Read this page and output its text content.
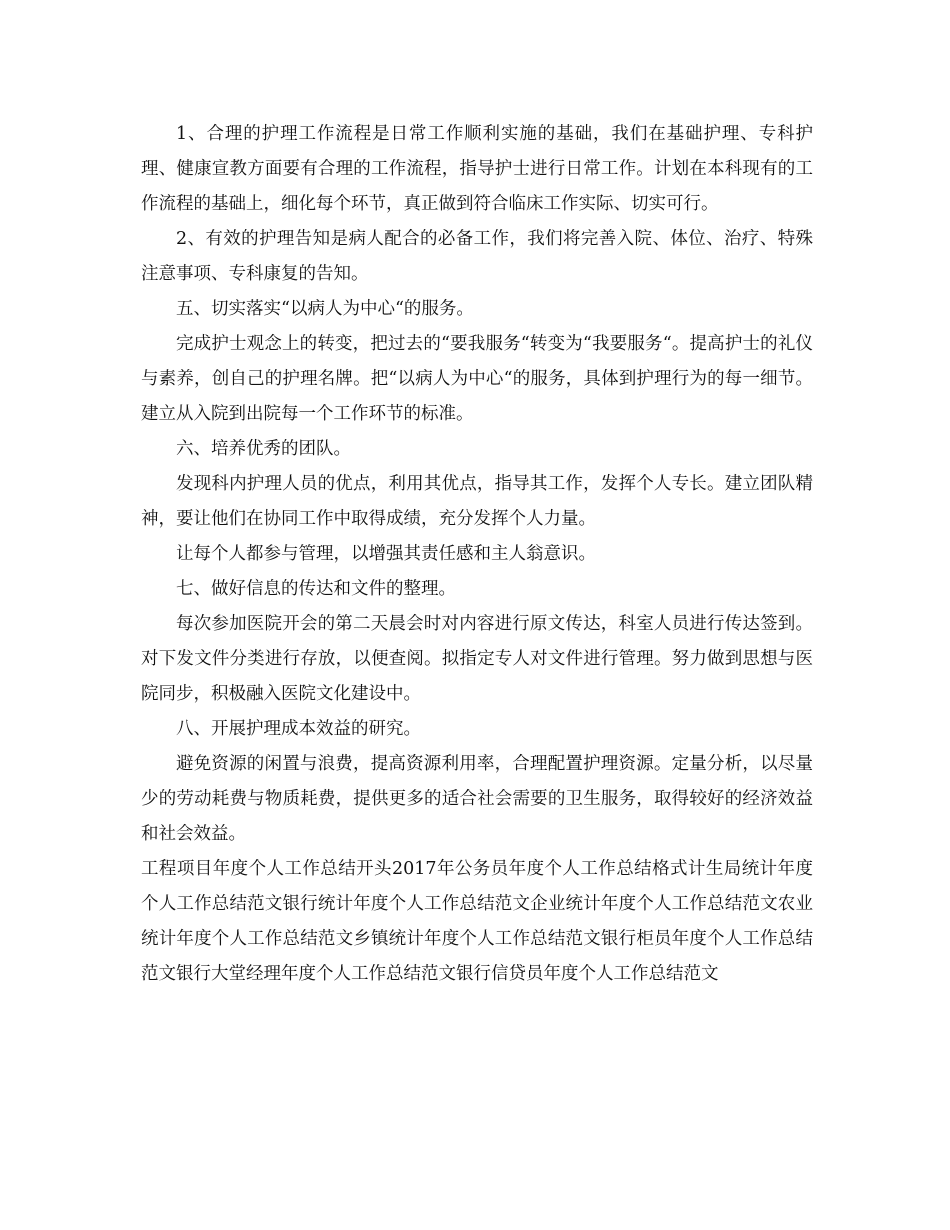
1、合理的护理工作流程是日常工作顺利实施的基础，我们在基础护理、专科护理、健康宣教方面要有合理的工作流程，指导护士进行日常工作。计划在本科现有的工作流程的基础上，细化每个环节，真正做到符合临床工作实际、切实可行。

2、有效的护理告知是病人配合的必备工作，我们将完善入院、体位、治疗、特殊注意事项、专科康复的告知。

五、切实落实“以病人为中心“的服务。

完成护士观念上的转变，把过去的“要我服务“转变为“我要服务“。提高护士的礼仪与素养，创自己的护理名牌。把“以病人为中心“的服务，具体到护理行为的每一细节。建立从入院到出院每一个工作环节的标准。

六、培养优秀的团队。

发现科内护理人员的优点，利用其优点，指导其工作，发挥个人专长。建立团队精神，要让他们在协同工作中取得成绩，充分发挥个人力量。

让每个人都参与管理，以增强其责任感和主人翁意识。

七、做好信息的传达和文件的整理。

每次参加医院开会的第二天晨会时对内容进行原文传达，科室人员进行传达签到。对下发文件分类进行存放，以便查阅。拟指定专人对文件进行管理。努力做到思想与医院同步，积极融入医院文化建设中。

八、开展护理成本效益的研究。

避免资源的闲置与浪费，提高资源利用率，合理配置护理资源。定量分析，以尽量少的劳动耗费与物质耗费，提供更多的适合社会需要的卫生服务，取得较好的经济效益和社会效益。

工程项目年度个人工作总结开头2017年公务员年度个人工作总结格式计生局统计年度个人工作总结范文银行统计年度个人工作总结范文企业统计年度个人工作总结范文农业统计年度个人工作总结范文乡镇统计年度个人工作总结范文银行柜员年度个人工作总结范文银行大堂经理年度个人工作总结范文银行信贷员年度个人工作总结范文
